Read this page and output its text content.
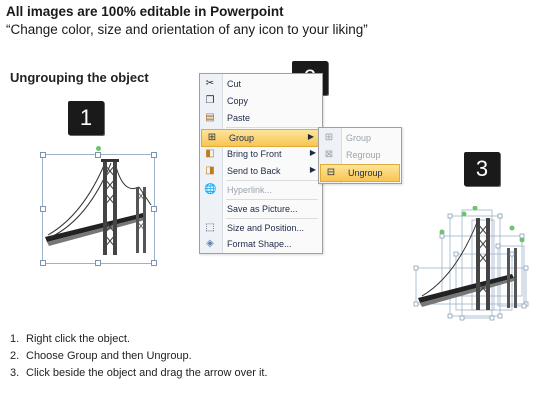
All images are 100% editable in Powerpoint
“Change color, size and orientation of any icon to your liking”
Ungrouping the object
1
3
✂ Cut
❐ Copy
▤ Paste
⊞ Group	▶
◧ Bring to Front	▶
◨ Send to Back	▶
🌐 Hyperlink...
Save as Picture...
⬚ Size and Position...
◈ Format Shape...
⊞ Group
⊠ Regroup
⊟ Ungroup
1. Right click the object.
2. Choose Group and then Ungroup.
3. Click beside the object and drag the arrow over it.
